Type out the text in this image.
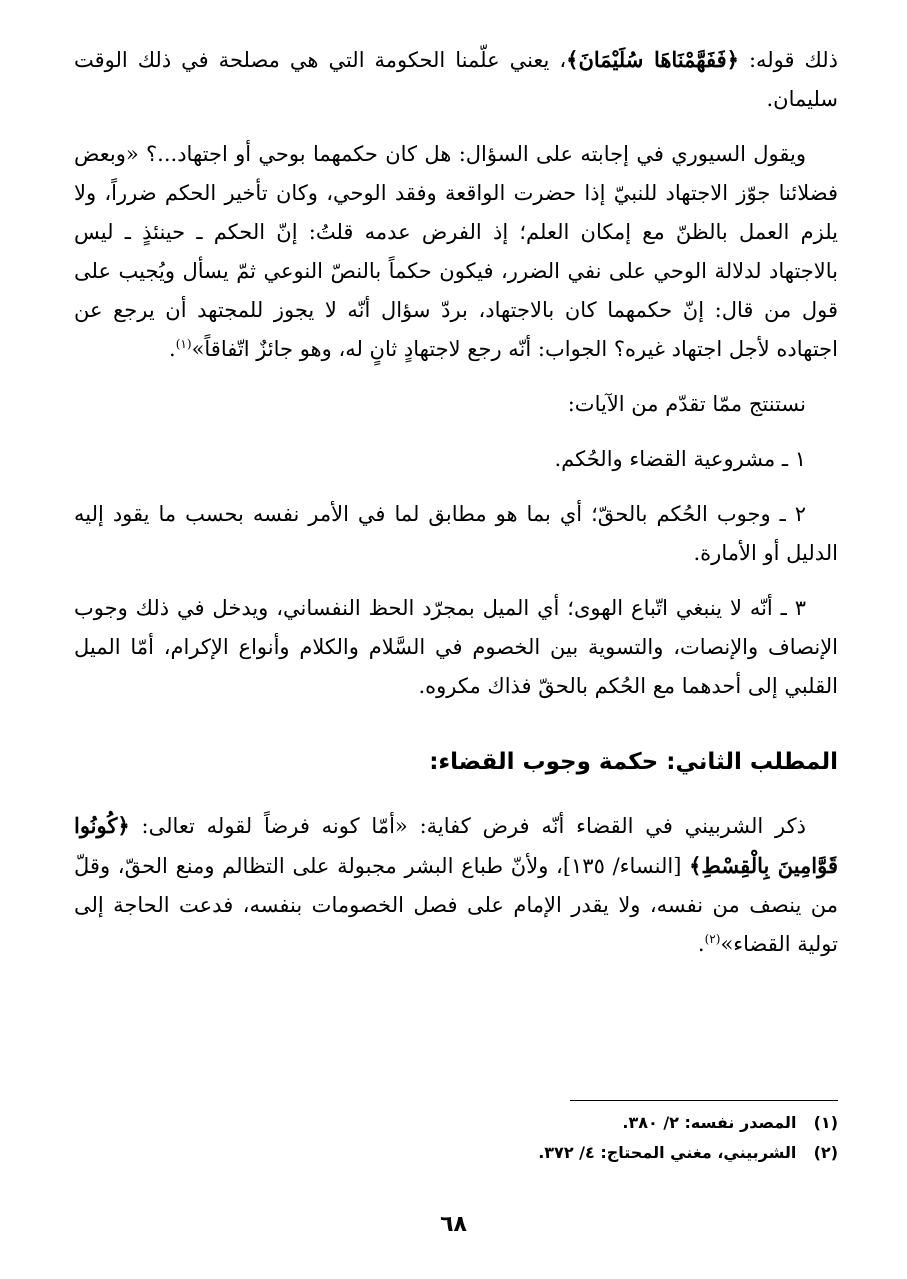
ذلك قوله: ﴿فَفَهَّمْنَاهَا سُلَيْمَانَ﴾، يعني علّمنا الحكومة التي هي مصلحة في ذلك الوقت سليمان.

ويقول السيوري في إجابته على السؤال: هل كان حكمهما بوحي أو اجتهاد...؟ «وبعض فضلائنا جوّز الاجتهاد للنبيّ إذا حضرت الواقعة وفقد الوحي، وكان تأخير الحكم ضرراً، ولا يلزم العمل بالظنّ مع إمكان العلم؛ إذ الفرض عدمه قلتُ: إنّ الحكم ـ حينئذٍ ـ ليس بالاجتهاد لدلالة الوحي على نفي الضرر، فيكون حكماً بالنصّ النوعي ثمّ يسأل ويُجيب على قول من قال: إنّ حكمهما كان بالاجتهاد، بردّ سؤال أنّه لا يجوز للمجتهد أن يرجع عن اجتهاده لأجل اجتهاد غيره؟ الجواب: أنّه رجع لاجتهادٍ ثانٍ له، وهو جائزٌ اتّفاقاً»$^{(١)}$.

نستنتج ممّا تقدّم من الآيات:

١ ـ مشروعية القضاء والحُكم.

٢ ـ وجوب الحُكم بالحقّ؛ أي بما هو مطابق لما في الأمر نفسه بحسب ما يقود إليه الدليل أو الأمارة.

٣ ـ أنّه لا ينبغي اتّباع الهوى؛ أي الميل بمجرّد الحظ النفساني، ويدخل في ذلك وجوب الإنصاف والإنصات، والتسوية بين الخصوم في السَّلام والكلام وأنواع الإكرام، أمّا الميل القلبي إلى أحدهما مع الحُكم بالحقّ فذاك مكروه.

المطلب الثاني: حكمة وجوب القضاء:

ذكر الشربيني في القضاء أنّه فرض كفاية: «أمّا كونه فرضاً لقوله تعالى: ﴿كُونُوا قَوَّامِينَ بِالْقِسْطِ﴾ [النساء/ ١٣٥]، ولأنّ طباع البشر مجبولة على التظالم ومنع الحقّ، وقلّ من ينصف من نفسه، ولا يقدر الإمام على فصل الخصومات بنفسه، فدعت الحاجة إلى تولية القضاء»$^{(٢)}$.

(١) المصدر نفسه: ٢/ ٣٨٠.
(٢) الشربيني، مغني المحتاج: ٤/ ٣٧٢.
٦٨
